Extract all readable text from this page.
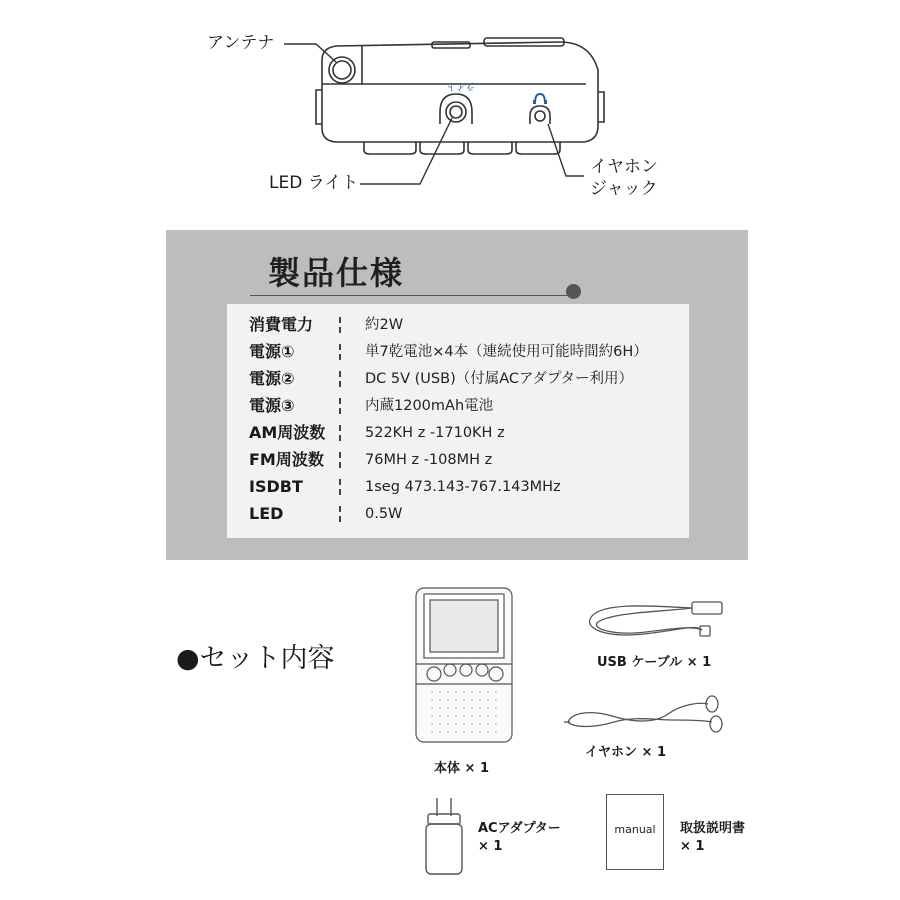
ライト
アンテナ
LED ライト
イヤホン
ジャック
製品仕様
消費電力	約2W
電源①	単7乾電池×4本（連続使用可能時間約6H）
電源②	DC 5V (USB)（付属ACアダプター利用）
電源③	内蔵1200mAh電池
AM周波数	522KH z -1710KH z
FM周波数	76MH z -108MH z
ISDBT	1seg 473.143-767.143MHz
LED	0.5W
●セット内容
本体 × 1
USB ケーブル × 1
イヤホン × 1
ACアダプター
× 1
manual	取扱説明書
× 1
